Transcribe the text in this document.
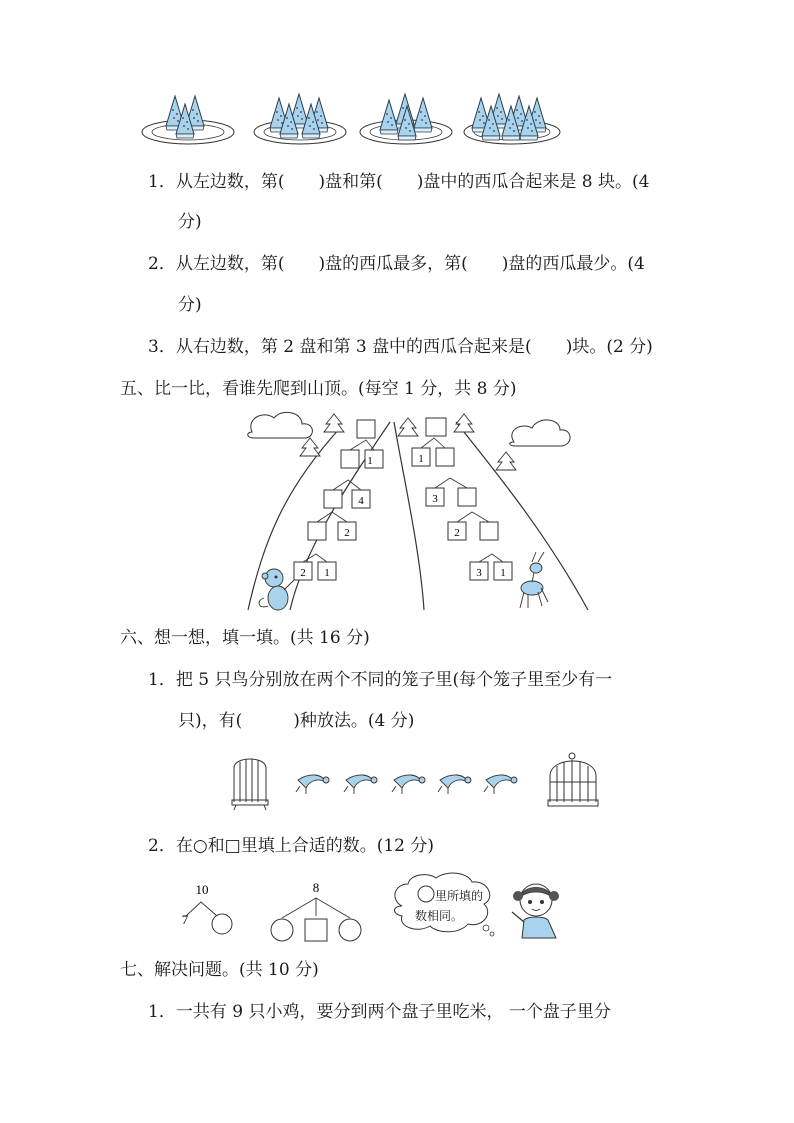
1．从左边数，第(　　)盘和第(　　)盘中的西瓜合起来是 8 块。(4
分)
2．从左边数，第(　　)盘的西瓜最多，第(　　)盘的西瓜最少。(4
分)
3．从右边数，第 2 盘和第 3 盘中的西瓜合起来是(　　)块。(2 分)
五、比一比，看谁先爬到山顶。(每空 1 分，共 8 分)
1
4
2
2 1
1
3
2
3 1
六、想一想，填一填。(共 16 分)
1．把 5 只鸟分别放在两个不同的笼子里(每个笼子里至少有一
只)，有(　　　)种放法。(4 分)
2．在○和□里填上合适的数。(12 分)
10
7
8
里所填的
数相同。
七、解决问题。(共 10 分)
1．一共有 9 只小鸡，要分到两个盘子里吃米， 一个盘子里分
